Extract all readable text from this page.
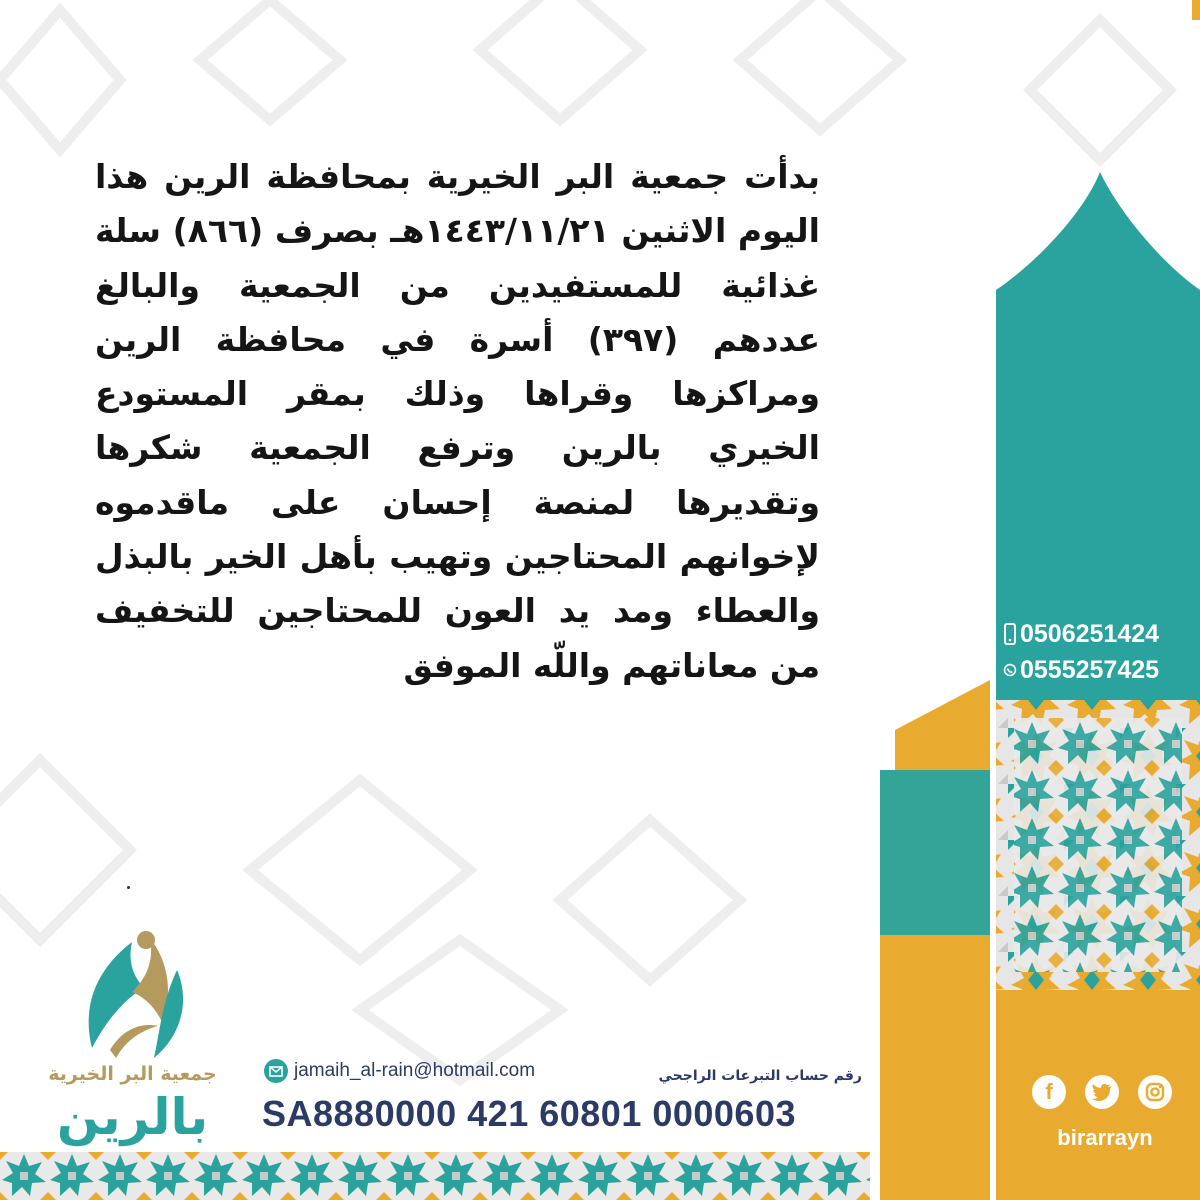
بدأت جمعية البر الخيرية بمحافظة الرين هذا اليوم الاثنين ١٤٤٣/١١/٢١هـ بصرف (٨٦٦) سلة غذائية للمستفيدين من الجمعية والبالغ عددهم (٣٩٧) أسرة في محافظة الرين ومراكزها وقراها وذلك بمقر المستودع الخيري بالرين وترفع الجمعية شكرها وتقديرها لمنصة إحسان على ماقدموه لإخوانهم المحتاجين وتهيب بأهل الخير بالبذل والعطاء ومد يد العون للمحتاجين للتخفيف من معاناتهم واللّه الموفق

0506251424
0555257425
f
birarrayn
جمعية البر الخيرية
بالرين
jamaih_al-rain@hotmail.com	رقم حساب التبرعات الراجحي
SA8880000 421 60801 0000603
